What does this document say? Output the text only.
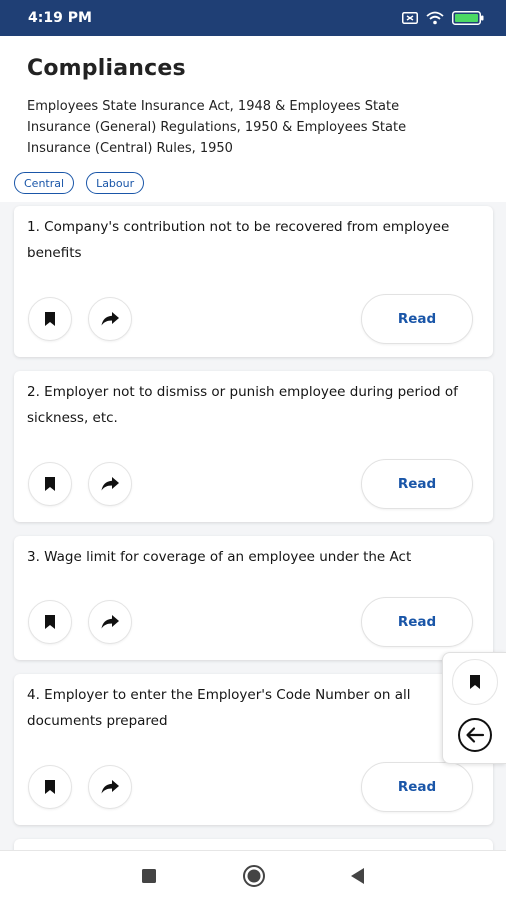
4:19 PM
Compliances
Employees State Insurance Act, 1948 & Employees State Insurance (General) Regulations, 1950 & Employees State Insurance (Central) Rules, 1950
Central	Labour
1. Company's contribution not to be recovered from employee benefits
Read
2. Employer not to dismiss or punish employee during period of sickness, etc.
Read
3. Wage limit for coverage of an employee under the Act
Read
4. Employer to enter the Employer's Code Number on all documents prepared
Read
